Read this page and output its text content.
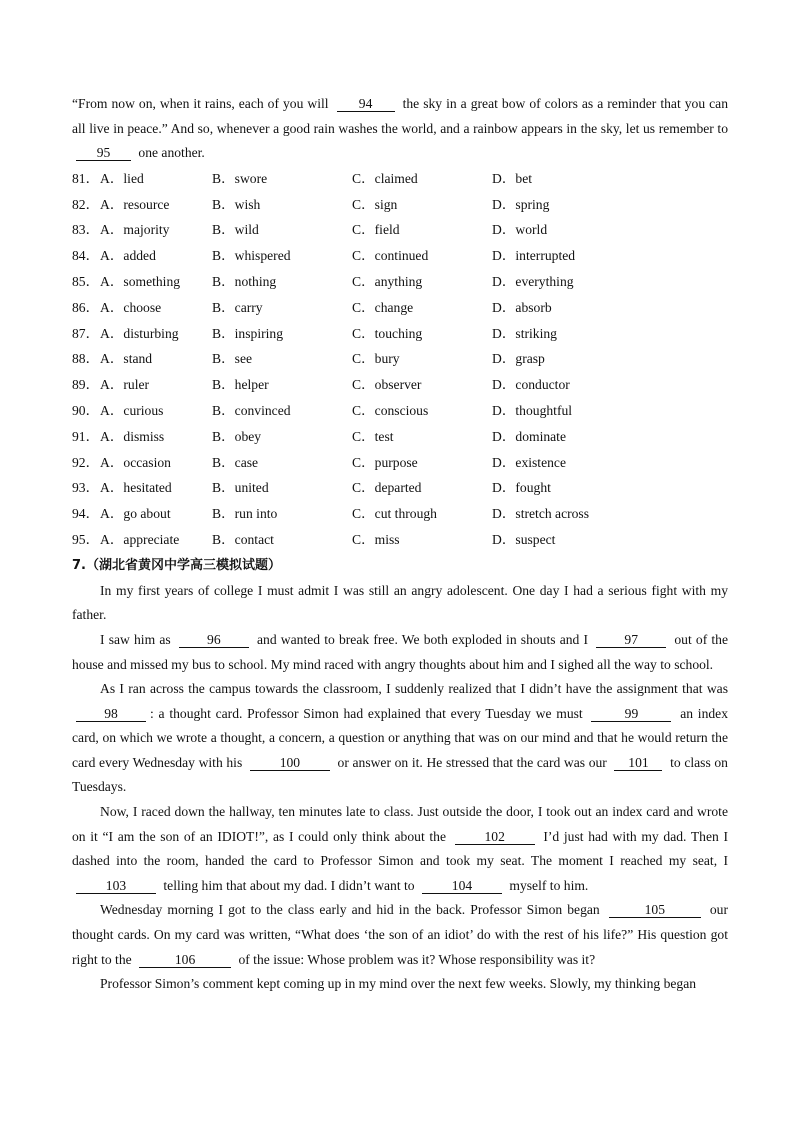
“From now on, when it rains, each of you will 94 the sky in a great bow of colors as a reminder that you can all live in peace.” And so, whenever a good rain washes the world, and a rainbow appears in the sky, let us remember to 95 one another.

81． A．lied	B．swore	C．claimed	D．bet
82． A．resource	B．wish	C．sign	D．spring
83． A．majority	B．wild	C．field	D．world
84． A．added	B．whispered	C．continued	D．interrupted
85． A．something B．nothing	C．anything	D．everything
86． A．choose	B．carry	C．change	D．absorb
87． A．disturbing B．inspiring	C．touching	D．striking
88． A．stand	B．see	C．bury	D．grasp
89． A．ruler	B．helper	C．observer	D．conductor
90． A．curious	B．convinced	C．conscious	D．thoughtful
91． A．dismiss	B．obey	C．test	D．dominate
92． A．occasion	B．case	C．purpose	D．existence
93． A．hesitated	B．united	C．departed	D．fought
94． A．go about	B．run into	C．cut through	D．stretch across
95． A．appreciate B．contact	C．miss	D．suspect

7.（湖北省黄冈中学高三模拟试题）

In my first years of college I must admit I was still an angry adolescent. One day I had a serious fight with my father.

I saw him as 96 and wanted to break free. We both exploded in shouts and I 97 out of the house and missed my bus to school. My mind raced with angry thoughts about him and I sighed all the way to school.

As I ran across the campus towards the classroom, I suddenly realized that I didn’t have the assignment that was 98 : a thought card. Professor Simon had explained that every Tuesday we must	99	an index card, on which we wrote a thought, a concern, a question or anything that was on our mind and that he would return the card every Wednesday with his 100 or answer on it. He stressed that the card was our 101 to class on Tuesdays.

Now, I raced down the hallway, ten minutes late to class. Just outside the door, I took out an index card and wrote on it “I am the son of an IDIOT!”, as I could only think about the 102 I’d just had with my dad. Then I dashed into the room, handed the card to Professor Simon and took my seat. The moment I reached my seat, I 103 telling him that about my dad. I didn’t want to 104 myself to him.

Wednesday morning I got to the class early and hid in the back. Professor Simon began	105	our thought cards. On my card was written, “What does ‘the son of an idiot’ do with the rest of his life?” His question got right to the	106	of the issue: Whose problem was it? Whose responsibility was it?

Professor Simon’s comment kept coming up in my mind over the next few weeks. Slowly, my thinking began
